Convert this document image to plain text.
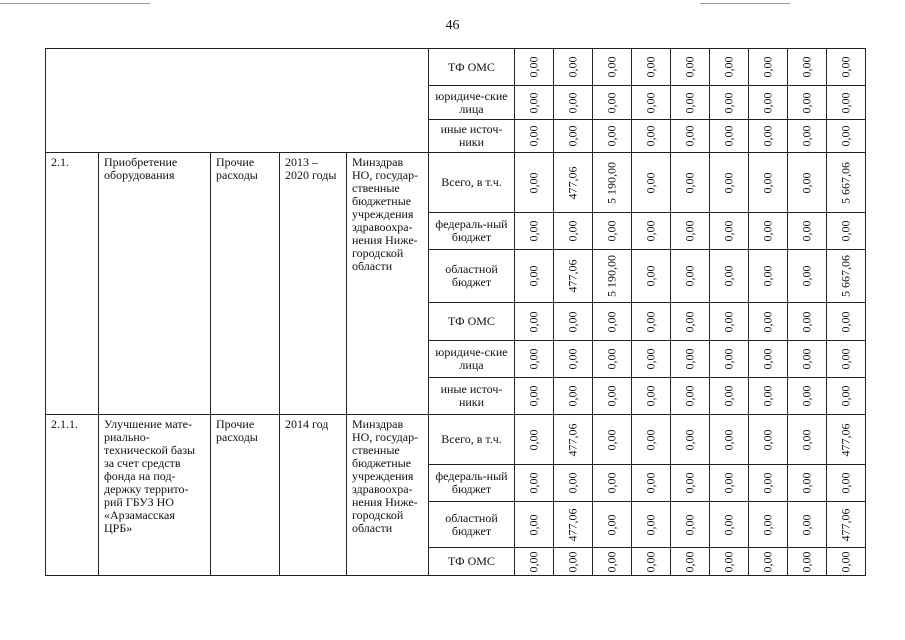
46
					ТФ ОМС	0,00	0,00	0,00	0,00	0,00	0,00	0,00	0,00	0,00

					юридиче-ские лица	0,00	0,00	0,00	0,00	0,00	0,00	0,00	0,00	0,00

					иные источ-ники	0,00	0,00	0,00	0,00	0,00	0,00	0,00	0,00	0,00

2.1.	Приобретение оборудования	Прочие расходы	2013 – 2020 годы	Минздрав НО, государ-ственные бюджетные учреждения здравоохра-нения Ниже-городской области	Всего, в т.ч.	0,00	477,06	5 190,00	0,00	0,00	0,00	0,00	0,00	5 667,06

					федераль-ный бюджет	0,00	0,00	0,00	0,00	0,00	0,00	0,00	0,00	0,00

					областной бюджет	0,00	477,06	5 190,00	0,00	0,00	0,00	0,00	0,00	5 667,06

					ТФ ОМС	0,00	0,00	0,00	0,00	0,00	0,00	0,00	0,00	0,00

					юридиче-ские лица	0,00	0,00	0,00	0,00	0,00	0,00	0,00	0,00	0,00

					иные источ-ники	0,00	0,00	0,00	0,00	0,00	0,00	0,00	0,00	0,00

2.1.1.	Улучшение мате-риально-технической базы за счет средств фонда на под-держку террито-рий ГБУЗ НО «Арзамасская ЦРБ»	Прочие расходы	2014 год	Минздрав НО, государ-ственные бюджетные учреждения здравоохра-нения Ниже-городской области	Всего, в т.ч.	0,00	477,06	0,00	0,00	0,00	0,00	0,00	0,00	477,06

					федераль-ный бюджет	0,00	0,00	0,00	0,00	0,00	0,00	0,00	0,00	0,00

					областной бюджет	0,00	477,06	0,00	0,00	0,00	0,00	0,00	0,00	477,06

					ТФ ОМС	0,00	0,00	0,00	0,00	0,00	0,00	0,00	0,00	0,00
